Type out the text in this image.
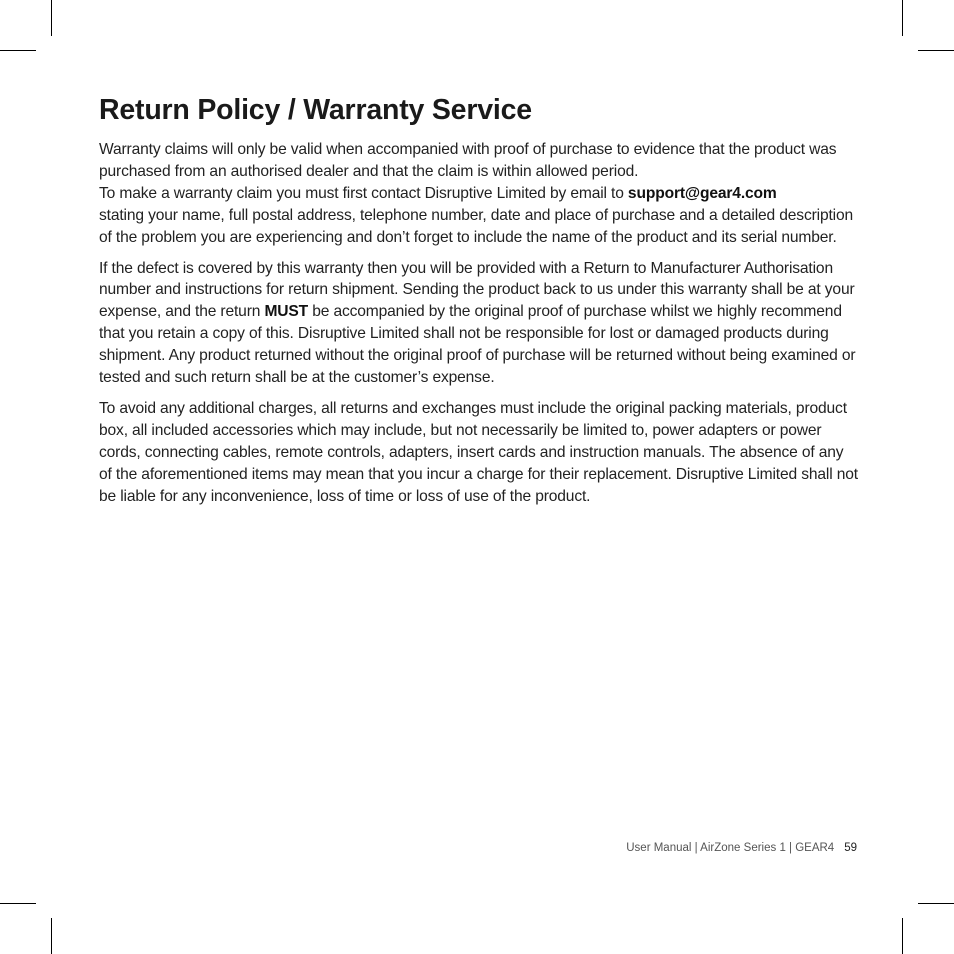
Return Policy / Warranty Service

Warranty claims will only be valid when accompanied with proof of purchase to evidence that the product was purchased from an authorised dealer and that the claim is within allowed period.
To make a warranty claim you must first contact Disruptive Limited by email to support@gear4.com
stating your name, full postal address, telephone number, date and place of purchase and a detailed description of the problem you are experiencing and don’t forget to include the name of the product and its serial number.

If the defect is covered by this warranty then you will be provided with a Return to Manufacturer Authorisation number and instructions for return shipment. Sending the product back to us under this warranty shall be at your expense, and the return MUST be accompanied by the original proof of purchase whilst we highly recommend that you retain a copy of this. Disruptive Limited shall not be responsible for lost or damaged products during shipment. Any product returned without the original proof of purchase will be returned without being examined or tested and such return shall be at the customer’s expense.

To avoid any additional charges, all returns and exchanges must include the original packing materials, product box, all included accessories which may include, but not necessarily be limited to, power adapters or power cords, connecting cables, remote controls, adapters, insert cards and instruction manuals. The absence of any of the aforementioned items may mean that you incur a charge for their replacement. Disruptive Limited shall not be liable for any inconvenience, loss of time or loss of use of the product.

User Manual | AirZone Series 1 | GEAR4 59
